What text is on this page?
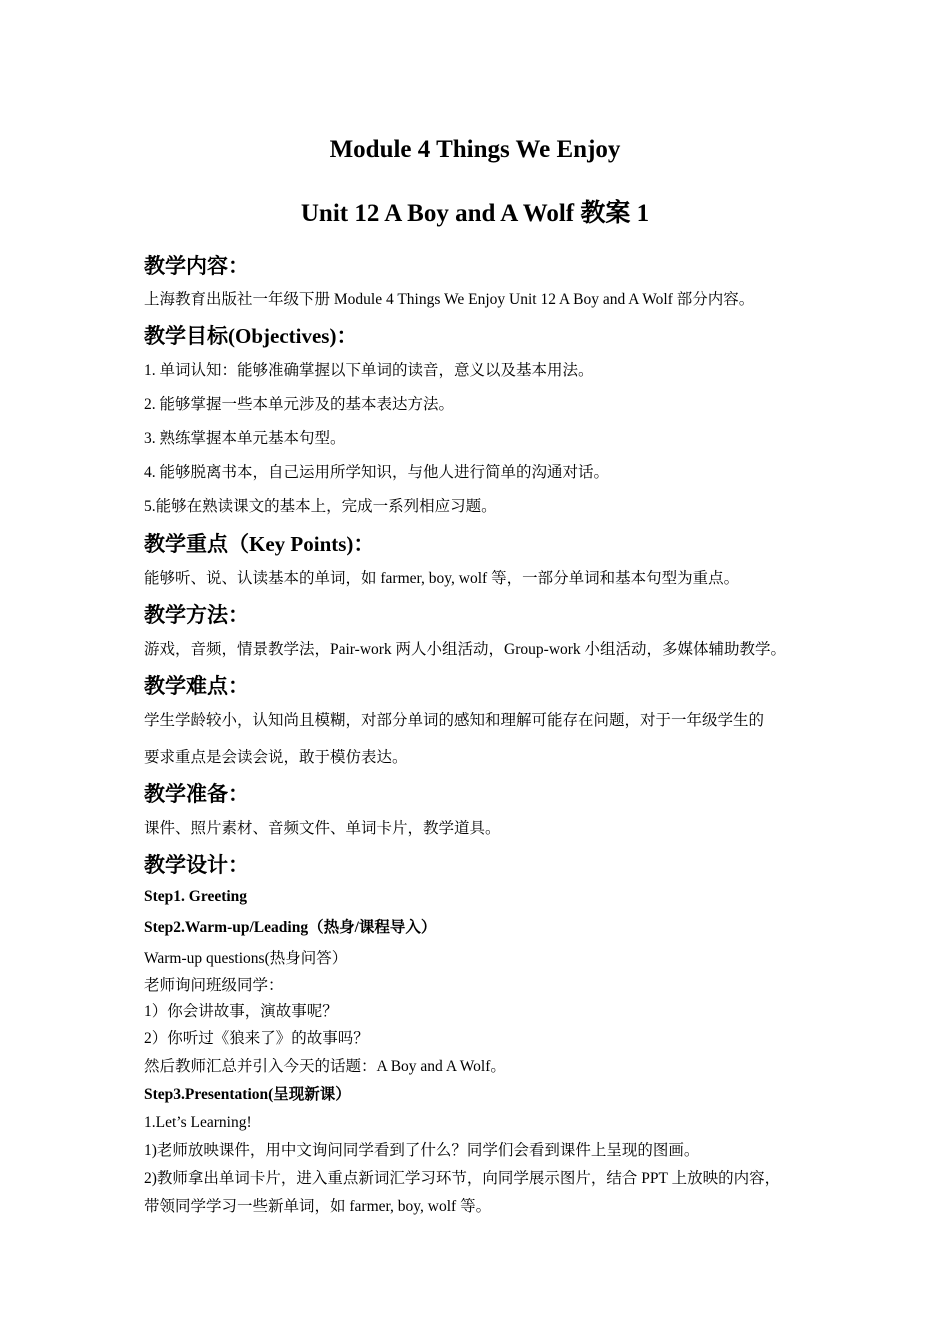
Module 4 Things We Enjoy
Unit 12 A Boy and A Wolf 教案 1
教学内容：
上海教育出版社一年级下册 Module 4 Things We Enjoy Unit 12 A Boy and A Wolf 部分内容。
教学目标(Objectives)：
1. 单词认知：能够准确掌握以下单词的读音，意义以及基本用法。
2. 能够掌握一些本单元涉及的基本表达方法。
3. 熟练掌握本单元基本句型。
4. 能够脱离书本，自己运用所学知识，与他人进行简单的沟通对话。
5.能够在熟读课文的基本上，完成一系列相应习题。
教学重点（Key Points)：
能够听、说、认读基本的单词，如 farmer, boy, wolf 等，一部分单词和基本句型为重点。
教学方法：
游戏，音频，情景教学法，Pair-work 两人小组活动，Group-work 小组活动，多媒体辅助教学。
教学难点：
学生学龄较小，认知尚且模糊，对部分单词的感知和理解可能存在问题，对于一年级学生的
要求重点是会读会说，敢于模仿表达。
教学准备：
课件、照片素材、音频文件、单词卡片，教学道具。
教学设计：
Step1. Greeting
Step2.Warm-up/Leading（热身/课程导入）
Warm-up questions(热身问答）
老师询问班级同学：
1）你会讲故事，演故事呢？
2）你听过《狼来了》的故事吗？
然后教师汇总并引入今天的话题：A Boy and A Wolf。
Step3.Presentation(呈现新课）
1.Let’s Learning!
1)老师放映课件，用中文询问同学看到了什么？同学们会看到课件上呈现的图画。
2)教师拿出单词卡片，进入重点新词汇学习环节，向同学展示图片，结合 PPT 上放映的内容，
带领同学学习一些新单词，如 farmer, boy, wolf 等。
